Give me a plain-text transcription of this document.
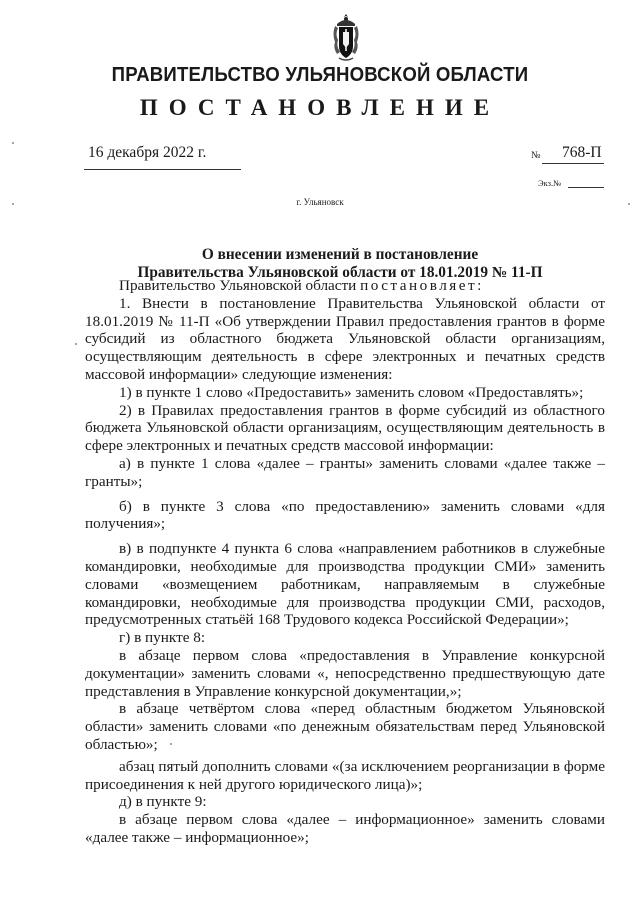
ПРАВИТЕЛЬСТВО УЛЬЯНОВСКОЙ ОБЛАСТИ
ПОСТАНОВЛЕНИЕ
16 декабря 2022 г.	№ 768-П
Экз.№
г. Ульяновск
О внесении изменений в постановление
Правительства Ульяновской области от 18.01.2019 № 11-П

Правительство Ульяновской области постановляет:

1. Внести в постановление Правительства Ульяновской области от 18.01.2019 № 11-П «Об утверждении Правил предоставления грантов в форме субсидий из областного бюджета Ульяновской области организациям, осуществляющим деятельность в сфере электронных и печатных средств массовой информации» следующие изменения:

1) в пункте 1 слово «Предоставить» заменить словом «Предоставлять»;

2) в Правилах предоставления грантов в форме субсидий из областного бюджета Ульяновской области организациям, осуществляющим деятельность в сфере электронных и печатных средств массовой информации:

а) в пункте 1 слова «далее – гранты» заменить словами «далее также – гранты»;

б) в пункте 3 слова «по предоставлению» заменить словами «для получения»;

в) в подпункте 4 пункта 6 слова «направлением работников в служебные командировки, необходимые для производства продукции СМИ» заменить словами «возмещением работникам, направляемым в служебные командировки, необходимые для производства продукции СМИ, расходов, предусмотренных статьёй 168 Трудового кодекса Российской Федерации»;

г) в пункте 8:

в абзаце первом слова «предоставления в Управление конкурсной документации» заменить словами «, непосредственно предшествующую дате представления в Управление конкурсной документации,»;

в абзаце четвёртом слова «перед областным бюджетом Ульяновской области» заменить словами «по денежным обязательствам перед Ульяновской областью»;

абзац пятый дополнить словами «(за исключением реорганизации в форме присоединения к ней другого юридического лица)»;

д) в пункте 9:

в абзаце первом слова «далее – информационное» заменить словами «далее также – информационное»;
